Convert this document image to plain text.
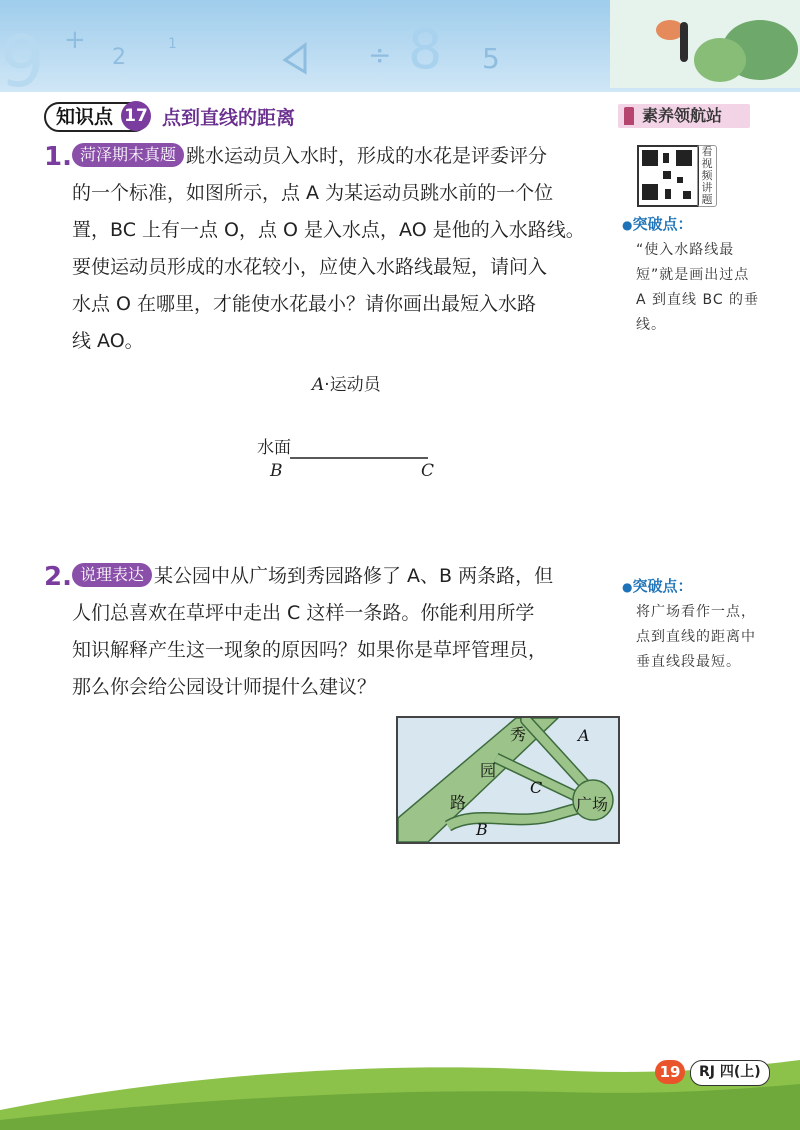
9 +
2
1	÷ 8 5
知识点 17 点到直线的距离	素养领航站
看视频讲题
1. 菏泽期末真题 跳水运动员入水时，形成的水花是评委评分
的一个标准，如图所示，点 A 为某运动员跳水前的一个位
置，BC 上有一点 O，点 O 是入水点，AO 是他的入水路线。
要使运动员形成的水花较小，应使入水路线最短，请问入
水点 O 在哪里，才能使水花最小？请你画出最短入水路
线 AO。
●突破点：
“使入水路线最短”就是画出过点 A 到直线 BC 的垂线。
A·运动员
水面
B	C
2. 说理表达 某公园中从广场到秀园路修了 A、B 两条路，但
人们总喜欢在草坪中走出 C 这样一条路。你能利用所学
知识解释产生这一现象的原因吗？如果你是草坪管理员，
那么你会给公园设计师提什么建议？
●突破点：
将广场看作一点，点到直线的距离中垂直线段最短。
秀
园
路	广场
A
C
B
19	RJ 四(上)
